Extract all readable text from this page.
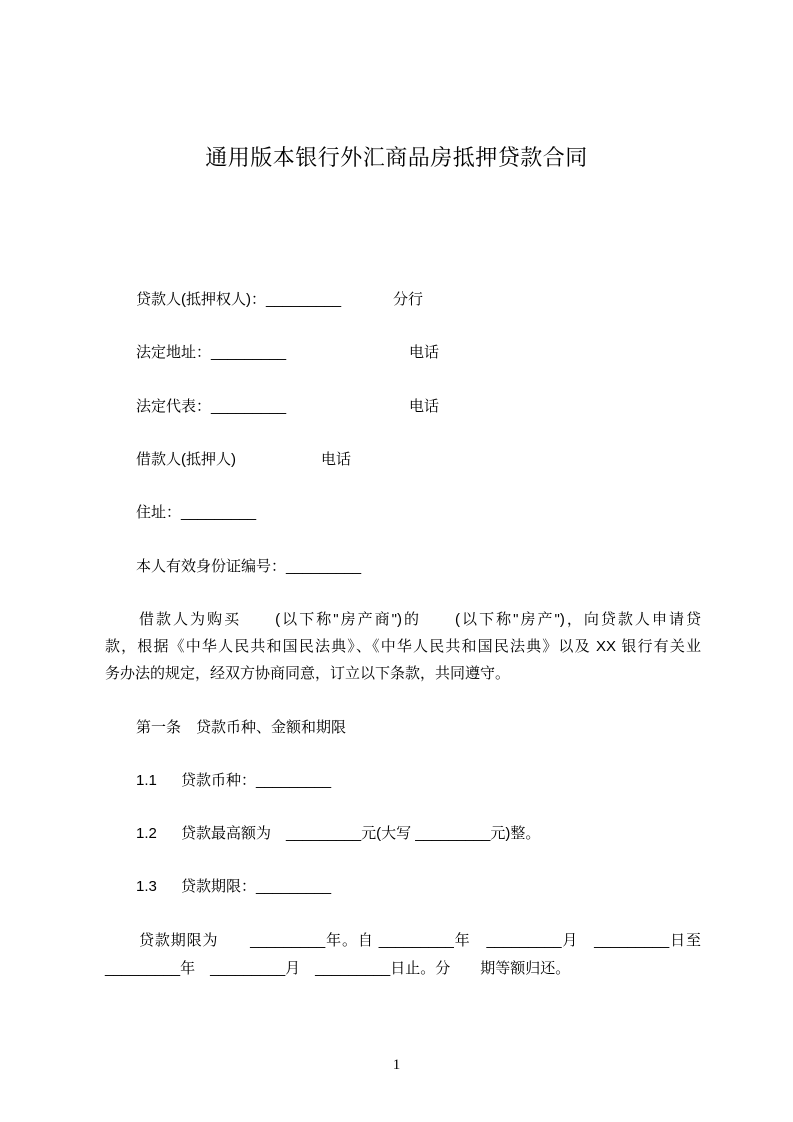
通用版本银行外汇商品房抵押贷款合同
贷款人(抵押权人)：_________	分行
法定地址：_________	电话
法定代表：_________	电话
借款人(抵押人)	电话
住址：_________
本人有效身份证编号：_________
借款人为购买　　(以下称"房产商")的　　(以下称"房产")，向贷款人申请贷
款，根据《中华人民共和国民法典》、《中华人民共和国民法典》以及 XX 银行有关业
务办法的规定，经双方协商同意，订立以下条款，共同遵守。
第一条　贷款币种、金额和期限
1.1 贷款币种：_________
1.2 贷款最高额为　_________元(大写 _________元)整。
1.3 贷款期限：_________
贷款期限为　　_________年。自 _________年　_________月　_________日至
_________年　_________月　_________日止。分　　期等额归还。
1
